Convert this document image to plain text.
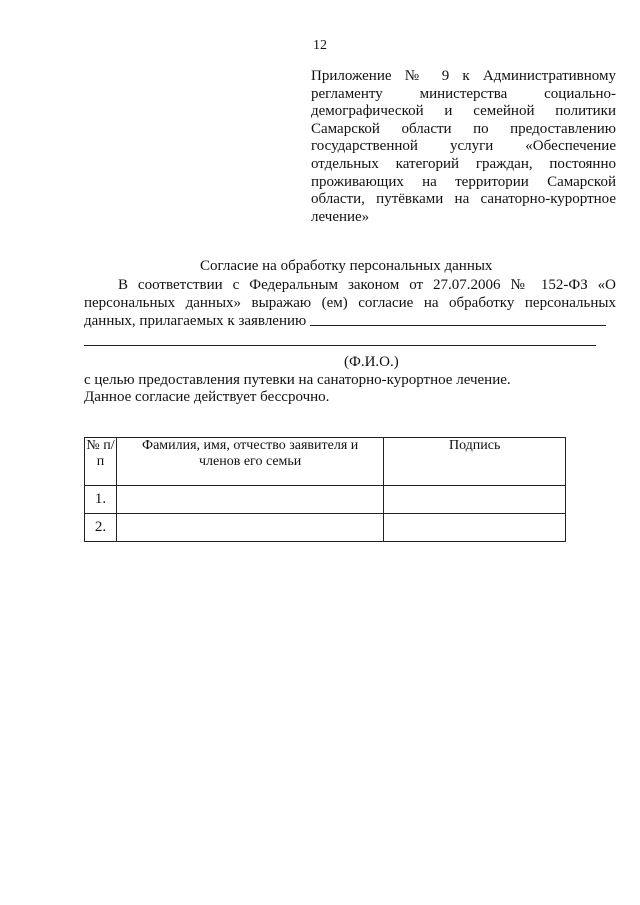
12
Приложение № 9 к Административному регламенту министерства социально-демографической и семейной политики Самарской области по предоставлению государственной услуги «Обеспечение отдельных категорий граждан, постоянно проживающих на территории Самарской области, путёвками на санаторно-курортное лечение»
Согласие на обработку персональных данных
В соответствии с Федеральным законом от 27.07.2006 № 152-ФЗ «О персональных данных» выражаю (ем) согласие на обработку персональных данных, прилагаемых к заявлению
(Ф.И.О.)
с целью предоставления путевки на санаторно-курортное лечение.
Данное согласие действует бессрочно.
№ п/п	Фамилия, имя, отчество заявителя и членов его семьи	Подпись
1.		
2.		
